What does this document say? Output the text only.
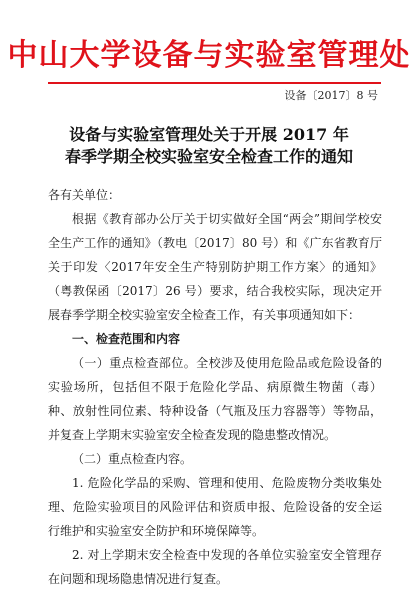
中山大学设备与实验室管理处
设备〔2017〕8 号
设备与实验室管理处关于开展 2017 年
春季学期全校实验室安全检查工作的通知

各有关单位：

根据《教育部办公厅关于切实做好全国“两会”期间学校安全生产工作的通知》（教电〔2017〕80 号）和《广东省教育厅关于印发〈2017年安全生产特别防护期工作方案〉的通知》（粤教保函〔2017〕26 号）要求，结合我校实际，现决定开展春季学期全校实验室安全检查工作，有关事项通知如下：

一、检查范围和内容

（一）重点检查部位。全校涉及使用危险品或危险设备的实验场所，包括但不限于危险化学品、病原微生物菌（毒）种、放射性同位素、特种设备（气瓶及压力容器等）等物品，并复查上学期末实验室安全检查发现的隐患整改情况。

（二）重点检查内容。

1. 危险化学品的采购、管理和使用、危险废物分类收集处理、危险实验项目的风险评估和资质申报、危险设备的安全运行维护和实验室安全防护和环境保障等。

2. 对上学期末安全检查中发现的各单位实验室安全管理存在问题和现场隐患情况进行复查。
